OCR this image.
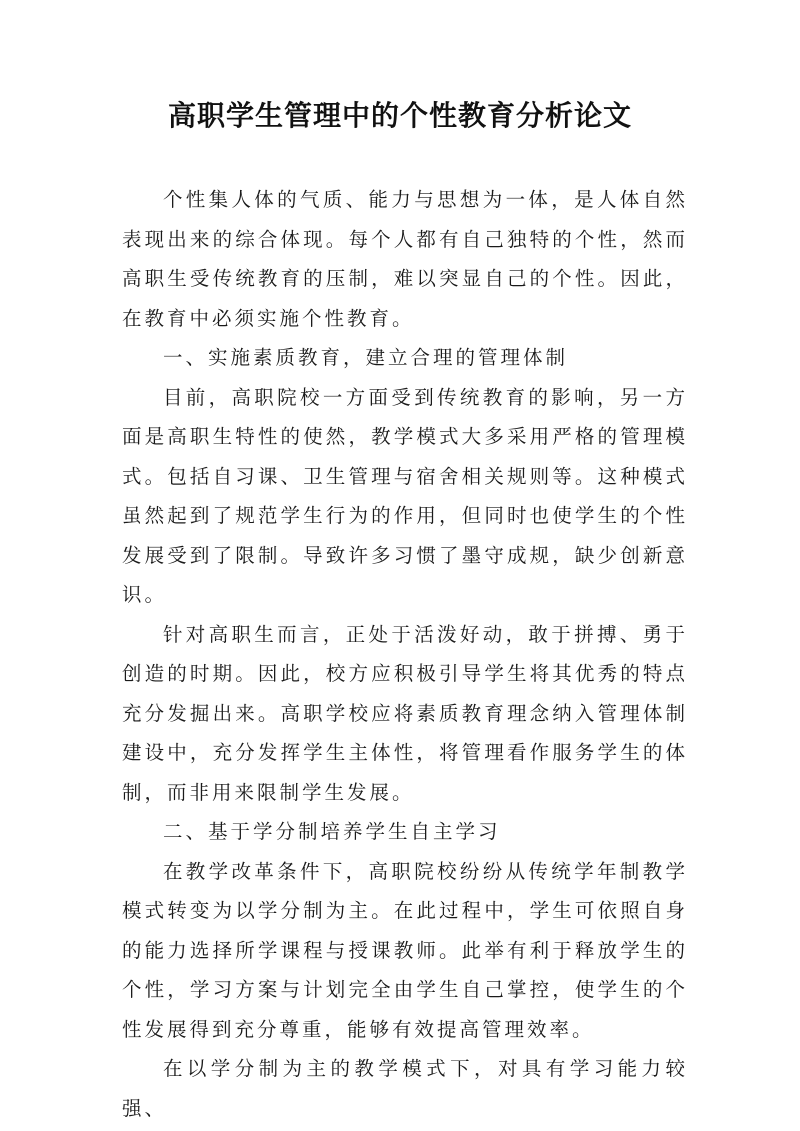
高职学生管理中的个性教育分析论文

个性集人体的气质、能力与思想为一体，是人体自然表现出来的综合体现。每个人都有自己独特的个性，然而高职生受传统教育的压制，难以突显自己的个性。因此，在教育中必须实施个性教育。

一、实施素质教育，建立合理的管理体制

目前，高职院校一方面受到传统教育的影响，另一方面是高职生特性的使然，教学模式大多采用严格的管理模式。包括自习课、卫生管理与宿舍相关规则等。这种模式虽然起到了规范学生行为的作用，但同时也使学生的个性发展受到了限制。导致许多习惯了墨守成规，缺少创新意识。

针对高职生而言，正处于活泼好动，敢于拼搏、勇于创造的时期。因此，校方应积极引导学生将其优秀的特点充分发掘出来。高职学校应将素质教育理念纳入管理体制建设中，充分发挥学生主体性，将管理看作服务学生的体制，而非用来限制学生发展。

二、基于学分制培养学生自主学习

在教学改革条件下，高职院校纷纷从传统学年制教学模式转变为以学分制为主。在此过程中，学生可依照自身的能力选择所学课程与授课教师。此举有利于释放学生的个性，学习方案与计划完全由学生自己掌控，使学生的个性发展得到充分尊重，能够有效提高管理效率。

在以学分制为主的教学模式下，对具有学习能力较强、
